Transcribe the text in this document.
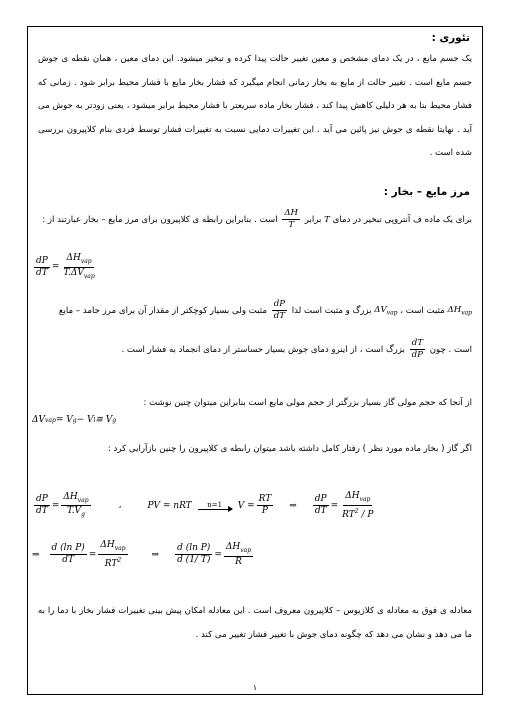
تئوری :
یک جسم مایع ، در یک دمای مشخص و معین تغییر حالت پیدا کرده و تبخیر میشود. این دمای معین ، همان نقطه ی جوش جسم مایع است . تغییر حالت از مایع به بخار زمانی انجام میگیرد که فشار بخار مایع با فشار محیط برابر شود . زمانی که فشار محیط بنا به هر دلیلی کاهش پیدا کند ، فشار بخار ماده سریعتر با فشار محیط برابر میشود ، یعنی زودتر به جوش می آید . نهایتا نقطه ی جوش نیز پائین می آید . این تغییرات دمایی نسبت به تغییرات فشار توسط فردی بنام کلاپیرون بررسی شده است .
مرز مایع – بخار :
برای یک ماده ف آنتروپی تبخیر در دمای T برابر
$\frac{\Delta H}{T}$
است . بنابراین رابطه ی کلاپیرون برای مرز مایع – بخار عبارتند از :
$\frac{dP}{dT} = \frac{\Delta H_{vap}}{T.\Delta V_{vap}}$
$\Delta H_{vap}$ مثبت است ، $\Delta V_{vap}$ بزرگ و مثبت است لذا
$\frac{dP}{dT}$
مثبت ولی بسیار کوچکتر از مقدار آن برای مرز جامد – مایع
است . چون
$\frac{dT}{dP}$
بزرگ است ، از اینرو دمای جوش بسیار حساستر از دمای انجماد به فشار است .
از آنجا که حجم مولی گاز بسیار بزرگتر از حجم مولی مایع است بنابراین میتوان چنین نوشت :
ΔV vap = V g − V l ≅ V g
اگر گاز ( بخار ماده مورد نظر ) رفتار کامل داشته باشد میتوان رابطه ی کلاپیرون را چنین بازآرایی کرد :
$\frac{dP}{dT} = \frac{\Delta H_{vap}}{T.V_g}$	،	PV = nRT n=1 $V = \frac{RT}{P}$ ⇒ $\frac{dP}{dT} = \frac{\Delta H_{vap}}{RT^2 / P}$
⇒ $\frac{\text{d (ln P)}}{dT} = \frac{\Delta H_{vap}}{RT^2}$	⇒ $\frac{\text{d (ln P)}}{d (1/ T)} = \frac{\Delta H_{vap}}{R}$
معادله ی فوق به معادله ی کلازیوس – کلاپیرون معروف است . این معادله امکان پیش بینی تغییرات فشار بخار با دما را به ما می دهد و نشان می دهد که چگونه دمای جوش با تغییر فشار تغییر می کند .
۱
